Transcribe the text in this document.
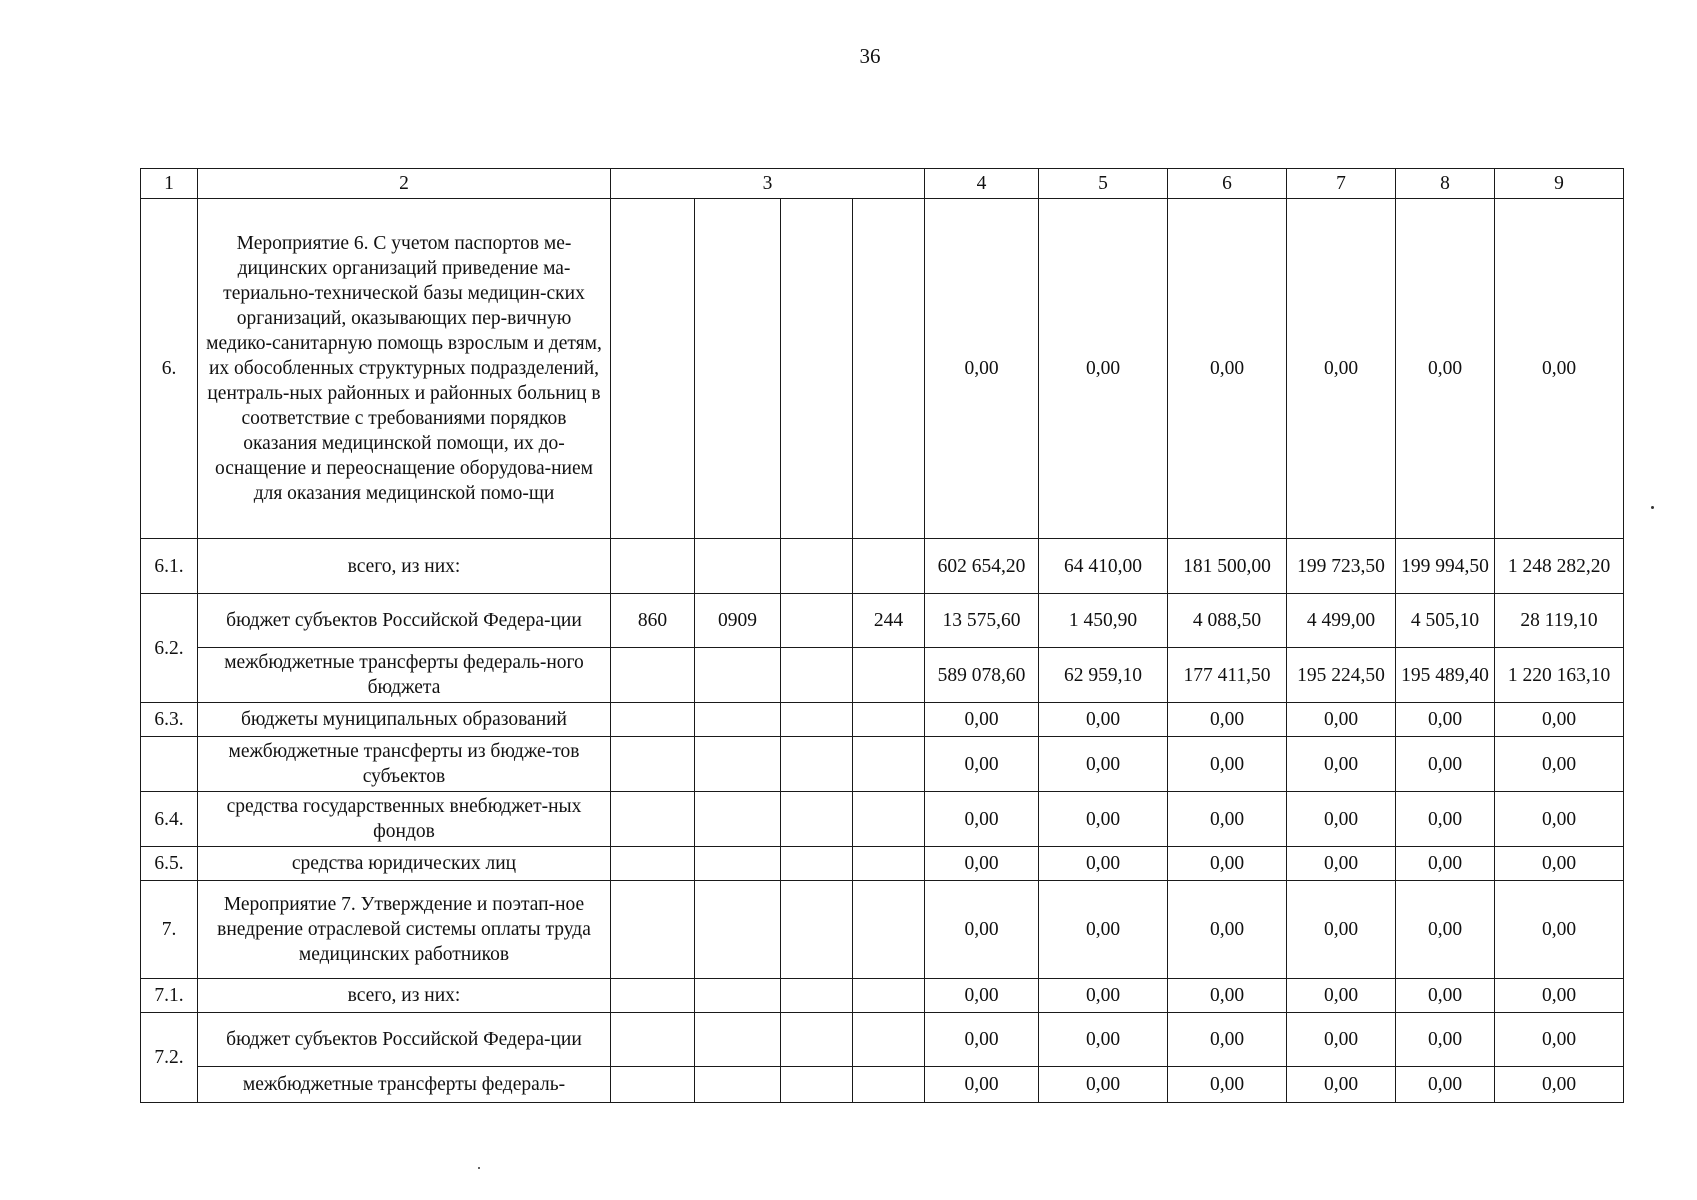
36
1	2	3				4	5	6	7	8	9
6.	Мероприятие 6. С учетом паспортов ме-дицинских организаций приведение ма-териально-технической базы медицин-ских организаций, оказывающих пер-вичную медико-санитарную помощь взрослым и детям, их обособленных структурных подразделений, централь-ных районных и районных больниц в соответствие с требованиями порядков оказания медицинской помощи, их до-оснащение и переоснащение оборудова-нием для оказания медицинской помо-щи					0,00	0,00	0,00	0,00	0,00	0,00
6.1.	всего, из них:					602 654,20	64 410,00	181 500,00	199 723,50	199 994,50	1 248 282,20
6.2.	бюджет субъектов Российской Федера-ции	860	0909		244	13 575,60	1 450,90	4 088,50	4 499,00	4 505,10	28 119,10
	межбюджетные трансферты федераль-ного бюджета					589 078,60	62 959,10	177 411,50	195 224,50	195 489,40	1 220 163,10
6.3.	бюджеты муниципальных образований					0,00	0,00	0,00	0,00	0,00	0,00
	межбюджетные трансферты из бюдже-тов субъектов					0,00	0,00	0,00	0,00	0,00	0,00
6.4.	средства государственных внебюджет-ных фондов					0,00	0,00	0,00	0,00	0,00	0,00
6.5.	средства юридических лиц					0,00	0,00	0,00	0,00	0,00	0,00
7.	Мероприятие 7. Утверждение и поэтап-ное внедрение отраслевой системы оплаты труда медицинских работников					0,00	0,00	0,00	0,00	0,00	0,00
7.1.	всего, из них:					0,00	0,00	0,00	0,00	0,00	0,00
7.2.	бюджет субъектов Российской Федера-ции					0,00	0,00	0,00	0,00	0,00	0,00
	межбюджетные трансферты федераль-					0,00	0,00	0,00	0,00	0,00	0,00
